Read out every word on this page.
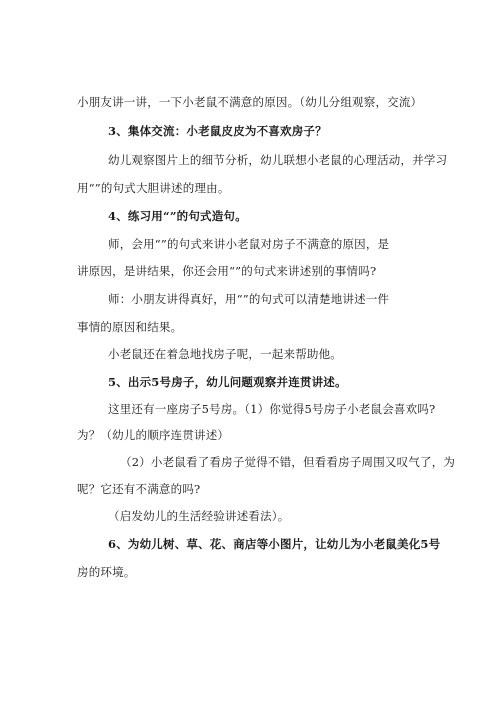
小朋友讲一讲，一下小老鼠不满意的原因。（幼儿分组观察，交流）
3、集体交流：小老鼠皮皮为不喜欢房子？
幼儿观察图片上的细节分析，幼儿联想小老鼠的心理活动，并学习
用“”的句式大胆讲述的理由。
4、练习用“”的句式造句。
师，会用“”的句式来讲小老鼠对房子不满意的原因，是
讲原因，是讲结果，你还会用“”的句式来讲述别的事情吗?
师：小朋友讲得真好，用“”的句式可以清楚地讲述一件
事情的原因和结果。
小老鼠还在着急地找房子呢，一起来帮助他。
5、出示5号房子，幼儿问题观察并连贯讲述。
这里还有一座房子5号房。（1）你觉得5号房子小老鼠会喜欢吗?
为？（幼儿的顺序连贯讲述）
（2）小老鼠看了看房子觉得不错，但看看房子周围又叹气了，为
呢？它还有不满意的吗?
（启发幼儿的生活经验讲述看法）。
6、为幼儿树、草、花、商店等小图片，让幼儿为小老鼠美化5号
房的环境。
